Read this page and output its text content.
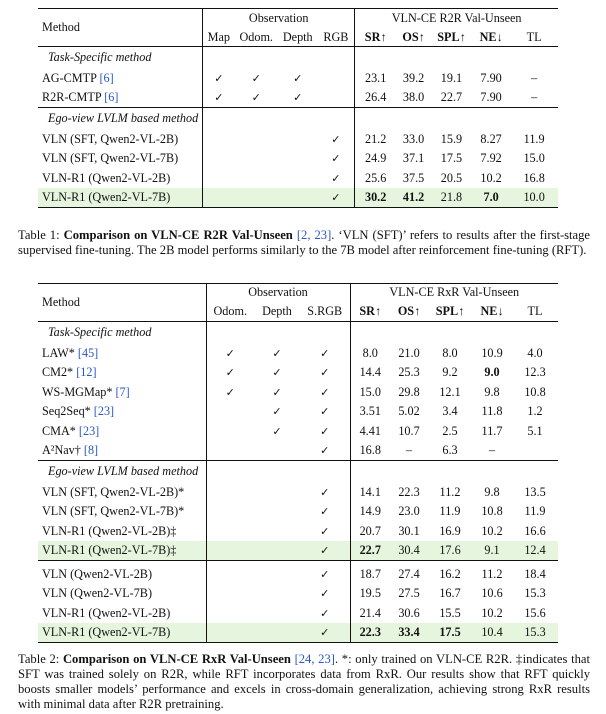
Method	Observation				VLN-CE R2R Val-Unseen				
	Map	Odom.	Depth	RGB	SR↑	OS↑	SPL↑	NE↓	TL
Task-Specific method									
AG-CMTP [6]	✓	✓	✓		23.1	39.2	19.1	7.90	–
R2R-CMTP [6]	✓	✓	✓		26.4	38.0	22.7	7.90	–
Ego-view LVLM based method									
VLN (SFT, Qwen2-VL-2B)				✓	21.2	33.0	15.9	8.27	11.9
VLN (SFT, Qwen2-VL-7B)				✓	24.9	37.1	17.5	7.92	15.0
VLN-R1 (Qwen2-VL-2B)				✓	25.6	37.5	20.5	10.2	16.8
VLN-R1 (Qwen2-VL-7B)				✓	30.2	41.2	21.8	7.0	10.0

Table 1: Comparison on VLN-CE R2R Val-Unseen [2, 23]. ‘VLN (SFT)’ refers to results after the first-stage supervised fine-tuning. The 2B model performs similarly to the 7B model after reinforcement fine-tuning (RFT).
Method	Observation			VLN-CE RxR Val-Unseen				
	Odom.	Depth	S.RGB	SR↑	OS↑	SPL↑	NE↓	TL
Task-Specific method								
LAW* [45]	✓	✓	✓	8.0	21.0	8.0	10.9	4.0
CM2* [12]	✓	✓	✓	14.4	25.3	9.2	9.0	12.3
WS-MGMap* [7]	✓	✓	✓	15.0	29.8	12.1	9.8	10.8
Seq2Seq* [23]		✓	✓	3.51	5.02	3.4	11.8	1.2
CMA* [23]		✓	✓	4.41	10.7	2.5	11.7	5.1
A²Nav† [8]			✓	16.8	–	6.3	–	
Ego-view LVLM based method								
VLN (SFT, Qwen2-VL-2B)*			✓	14.1	22.3	11.2	9.8	13.5
VLN (SFT, Qwen2-VL-7B)*			✓	14.9	23.0	11.9	10.8	11.9
VLN-R1 (Qwen2-VL-2B)‡			✓	20.7	30.1	16.9	10.2	16.6
VLN-R1 (Qwen2-VL-7B)‡			✓	22.7	30.4	17.6	9.1	12.4

VLN (Qwen2-VL-2B)			✓	18.7	27.4	16.2	11.2	18.4
VLN (Qwen2-VL-7B)			✓	19.5	27.5	16.7	10.6	15.3
VLN-R1 (Qwen2-VL-2B)			✓	21.4	30.6	15.5	10.2	15.6
VLN-R1 (Qwen2-VL-7B)			✓	22.3	33.4	17.5	10.4	15.3

Table 2: Comparison on VLN-CE RxR Val-Unseen [24, 23]. *: only trained on VLN-CE R2R. ‡indicates that SFT was trained solely on R2R, while RFT incorporates data from RxR. Our results show that RFT quickly boosts smaller models’ performance and excels in cross-domain generalization, achieving strong RxR results with minimal data after R2R pretraining.
